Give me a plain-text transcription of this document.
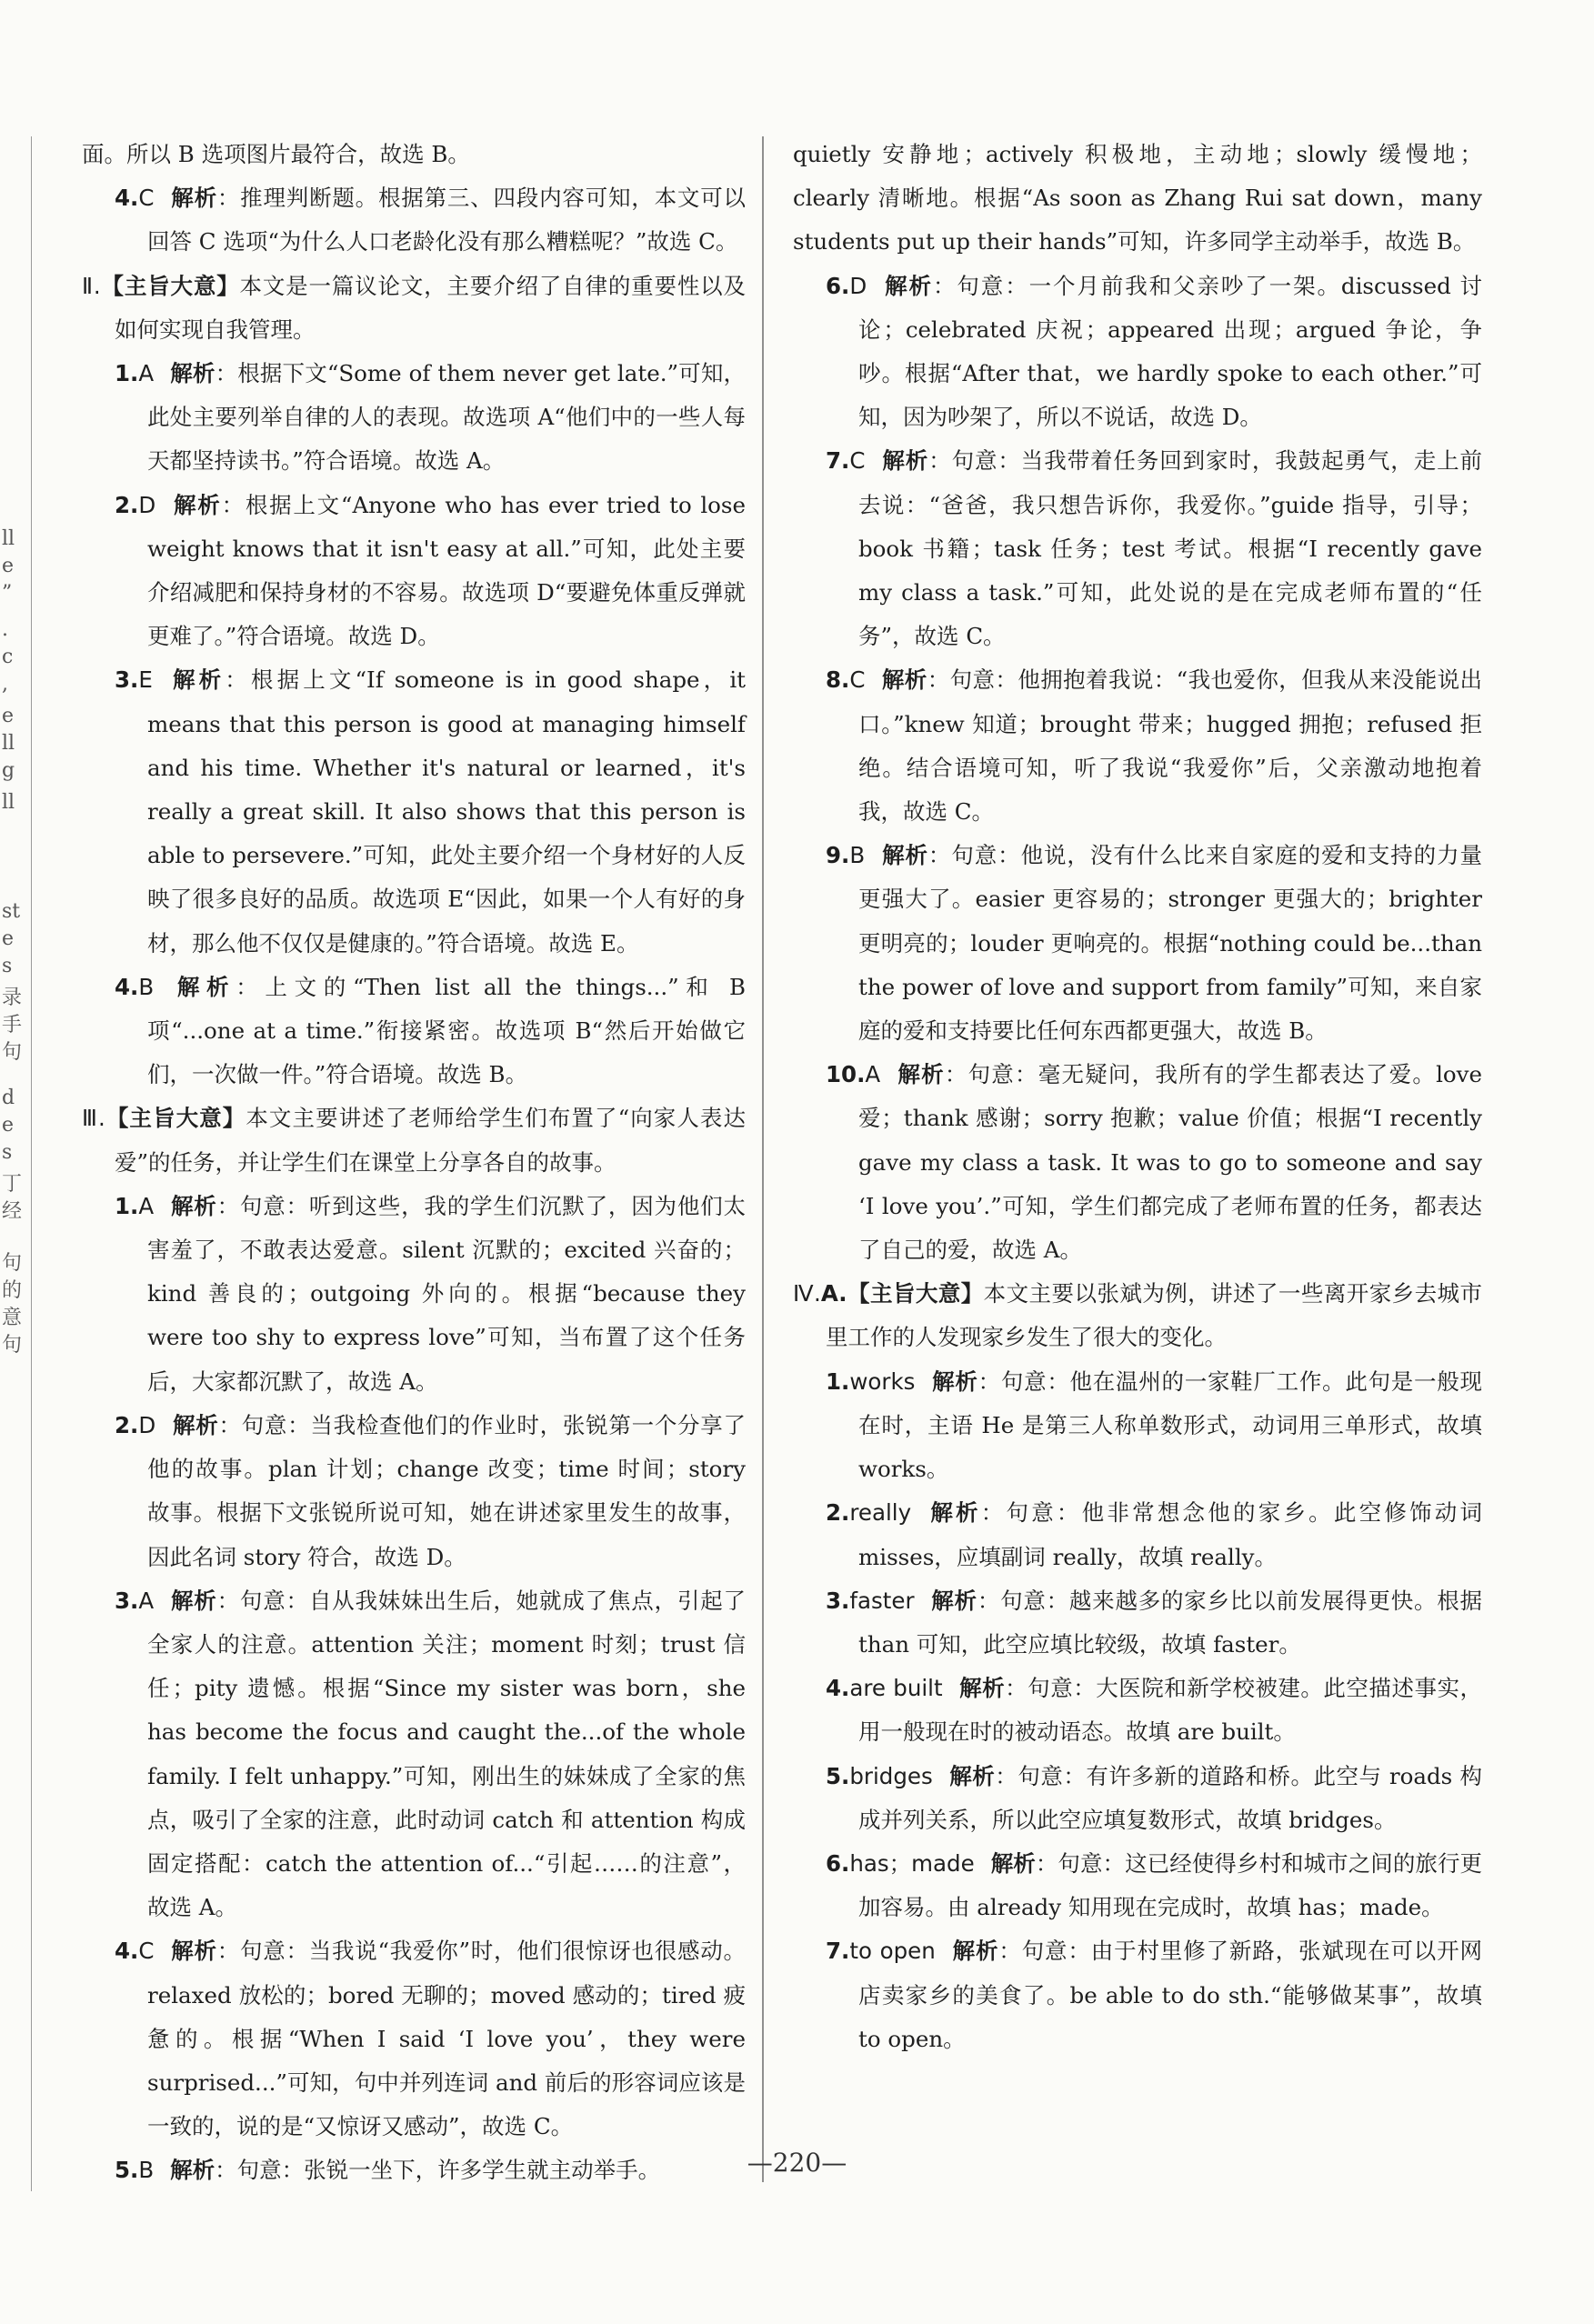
ll
e
”
.
c
,
e
ll
g
ll
st
e
s
录
手
句
d
e
s
丁
经
句
的
意
句

面。所以 B 选项图片最符合，故选 B。

4.C 解析：推理判断题。根据第三、四段内容可知，本文可以回答 C 选项“为什么人口老龄化没有那么糟糕呢？”故选 C。

Ⅱ.【主旨大意】本文是一篇议论文，主要介绍了自律的重要性以及如何实现自我管理。

1.A 解析：根据下文“Some of them never get late.”可知，此处主要列举自律的人的表现。故选项 A“他们中的一些人每天都坚持读书。”符合语境。故选 A。

2.D 解析：根据上文“Anyone who has ever tried to lose weight knows that it isn't easy at all.”可知，此处主要介绍减肥和保持身材的不容易。故选项 D“要避免体重反弹就更难了。”符合语境。故选 D。

3.E 解析：根据上文“If someone is in good shape，it means that this person is good at managing himself and his time. Whether it's natural or learned，it's really a great skill. It also shows that this person is able to persevere.”可知，此处主要介绍一个身材好的人反映了很多良好的品质。故选项 E“因此，如果一个人有好的身材，那么他不仅仅是健康的。”符合语境。故选 E。

4.B 解析：上文的“Then list all the things...”和 B 项“...one at a time.”衔接紧密。故选项 B“然后开始做它们，一次做一件。”符合语境。故选 B。

Ⅲ.【主旨大意】本文主要讲述了老师给学生们布置了“向家人表达爱”的任务，并让学生们在课堂上分享各自的故事。

1.A 解析：句意：听到这些，我的学生们沉默了，因为他们太害羞了，不敢表达爱意。silent 沉默的；excited 兴奋的；kind 善良的；outgoing 外向的。根据“because they were too shy to express love”可知，当布置了这个任务后，大家都沉默了，故选 A。

2.D 解析：句意：当我检查他们的作业时，张锐第一个分享了他的故事。plan 计划；change 改变；time 时间；story 故事。根据下文张锐所说可知，她在讲述家里发生的故事，因此名词 story 符合，故选 D。

3.A 解析：句意：自从我妹妹出生后，她就成了焦点，引起了全家人的注意。attention 关注；moment 时刻；trust 信任；pity 遗憾。根据“Since my sister was born，she has become the focus and caught the...of the whole family. I felt unhappy.”可知，刚出生的妹妹成了全家的焦点，吸引了全家的注意，此时动词 catch 和 attention 构成固定搭配：catch the attention of...“引起……的注意”，故选 A。

4.C 解析：句意：当我说“我爱你”时，他们很惊讶也很感动。relaxed 放松的；bored 无聊的；moved 感动的；tired 疲惫的。根据“When I said ‘I love you’，they were surprised...”可知，句中并列连词 and 前后的形容词应该是一致的，说的是“又惊讶又感动”，故选 C。

5.B 解析：句意：张锐一坐下，许多学生就主动举手。

quietly 安静地；actively 积极地，主动地；slowly 缓慢地；clearly 清晰地。根据“As soon as Zhang Rui sat down，many students put up their hands”可知，许多同学主动举手，故选 B。

6.D 解析：句意：一个月前我和父亲吵了一架。discussed 讨论；celebrated 庆祝；appeared 出现；argued 争论，争吵。根据“After that，we hardly spoke to each other.”可知，因为吵架了，所以不说话，故选 D。

7.C 解析：句意：当我带着任务回到家时，我鼓起勇气，走上前去说：“爸爸，我只想告诉你，我爱你。”guide 指导，引导；book 书籍；task 任务；test 考试。根据“I recently gave my class a task.”可知，此处说的是在完成老师布置的“任务”，故选 C。

8.C 解析：句意：他拥抱着我说：“我也爱你，但我从来没能说出口。”knew 知道；brought 带来；hugged 拥抱；refused 拒绝。结合语境可知，听了我说“我爱你”后，父亲激动地抱着我，故选 C。

9.B 解析：句意：他说，没有什么比来自家庭的爱和支持的力量更强大了。easier 更容易的；stronger 更强大的；brighter 更明亮的；louder 更响亮的。根据“nothing could be...than the power of love and support from family”可知，来自家庭的爱和支持要比任何东西都更强大，故选 B。

10.A 解析：句意：毫无疑问，我所有的学生都表达了爱。love 爱；thank 感谢；sorry 抱歉；value 价值；根据“I recently gave my class a task. It was to go to someone and say ‘I love you’.”可知，学生们都完成了老师布置的任务，都表达了自己的爱，故选 A。

Ⅳ.A.【主旨大意】本文主要以张斌为例，讲述了一些离开家乡去城市里工作的人发现家乡发生了很大的变化。

1.works 解析：句意：他在温州的一家鞋厂工作。此句是一般现在时，主语 He 是第三人称单数形式，动词用三单形式，故填 works。

2.really 解析：句意：他非常想念他的家乡。此空修饰动词 misses，应填副词 really，故填 really。

3.faster 解析：句意：越来越多的家乡比以前发展得更快。根据 than 可知，此空应填比较级，故填 faster。

4.are built 解析：句意：大医院和新学校被建。此空描述事实，用一般现在时的被动语态。故填 are built。

5.bridges 解析：句意：有许多新的道路和桥。此空与 roads 构成并列关系，所以此空应填复数形式，故填 bridges。

6.has；made 解析：句意：这已经使得乡村和城市之间的旅行更加容易。由 already 知用现在完成时，故填 has；made。

7.to open 解析：句意：由于村里修了新路，张斌现在可以开网店卖家乡的美食了。be able to do sth.“能够做某事”，故填 to open。

—220—
